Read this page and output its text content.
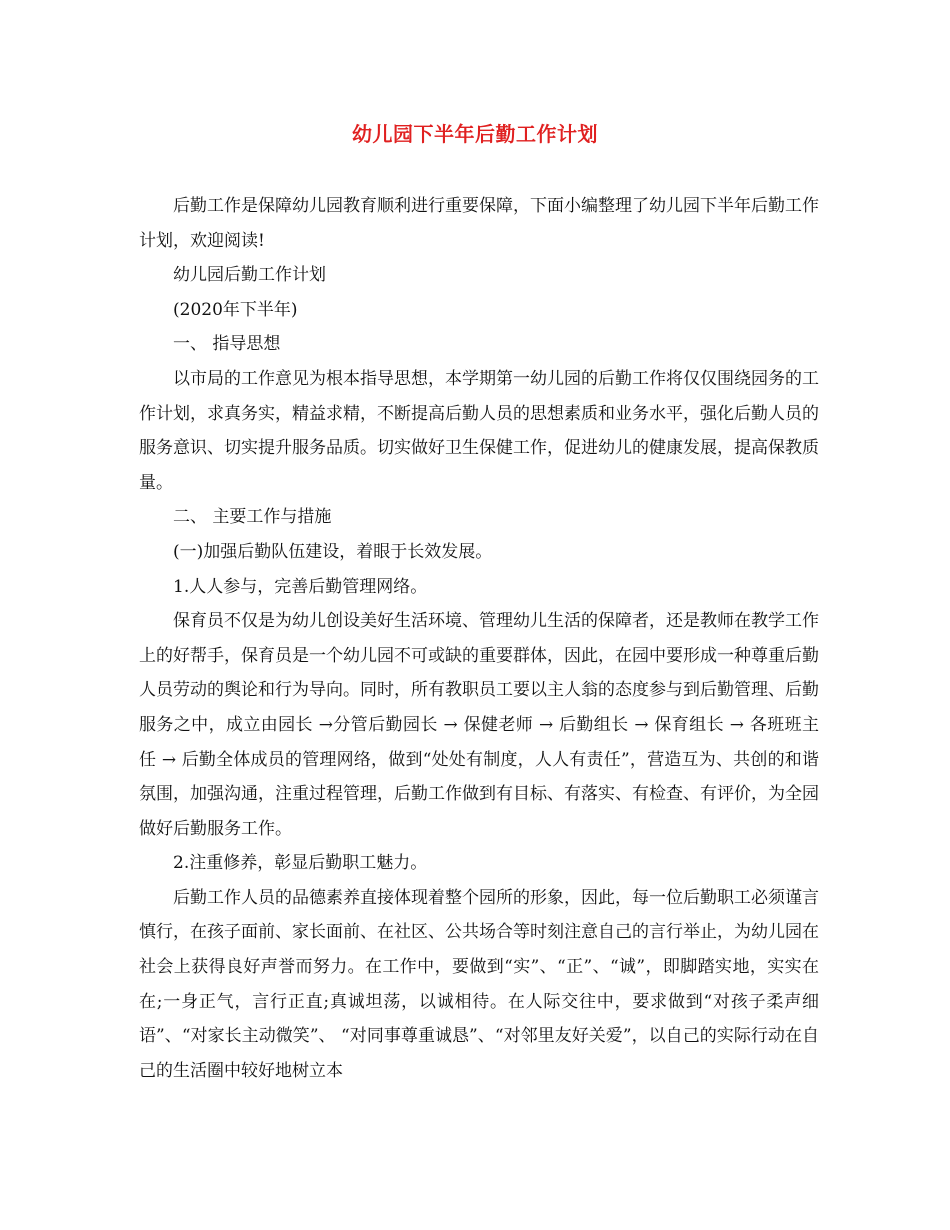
幼儿园下半年后勤工作计划

后勤工作是保障幼儿园教育顺利进行重要保障，下面小编整理了幼儿园下半年后勤工作计划，欢迎阅读!

幼儿园后勤工作计划

(2020年下半年)

一、 指导思想

以市局的工作意见为根本指导思想，本学期第一幼儿园的后勤工作将仅仅围绕园务的工作计划，求真务实，精益求精，不断提高后勤人员的思想素质和业务水平，强化后勤人员的服务意识、切实提升服务品质。切实做好卫生保健工作，促进幼儿的健康发展，提高保教质量。

二、 主要工作与措施

(一)加强后勤队伍建设，着眼于长效发展。

1.人人参与，完善后勤管理网络。

保育员不仅是为幼儿创设美好生活环境、管理幼儿生活的保障者，还是教师在教学工作上的好帮手，保育员是一个幼儿园不可或缺的重要群体，因此，在园中要形成一种尊重后勤人员劳动的舆论和行为导向。同时，所有教职员工要以主人翁的态度参与到后勤管理、后勤服务之中，成立由园长 →分管后勤园长 → 保健老师 → 后勤组长 → 保育组长 → 各班班主任 → 后勤全体成员的管理网络，做到“处处有制度，人人有责任”，营造互为、共创的和谐氛围，加强沟通，注重过程管理，后勤工作做到有目标、有落实、有检查、有评价，为全园做好后勤服务工作。

2.注重修养，彰显后勤职工魅力。

后勤工作人员的品德素养直接体现着整个园所的形象，因此，每一位后勤职工必须谨言慎行，在孩子面前、家长面前、在社区、公共场合等时刻注意自己的言行举止，为幼儿园在社会上获得良好声誉而努力。在工作中，要做到“实”、“正”、“诚”，即脚踏实地，实实在在;一身正气，言行正直;真诚坦荡，以诚相待。在人际交往中，要求做到“对孩子柔声细语”、“对家长主动微笑”、 “对同事尊重诚恳”、“对邻里友好关爱”，以自己的实际行动在自己的生活圈中较好地树立本
